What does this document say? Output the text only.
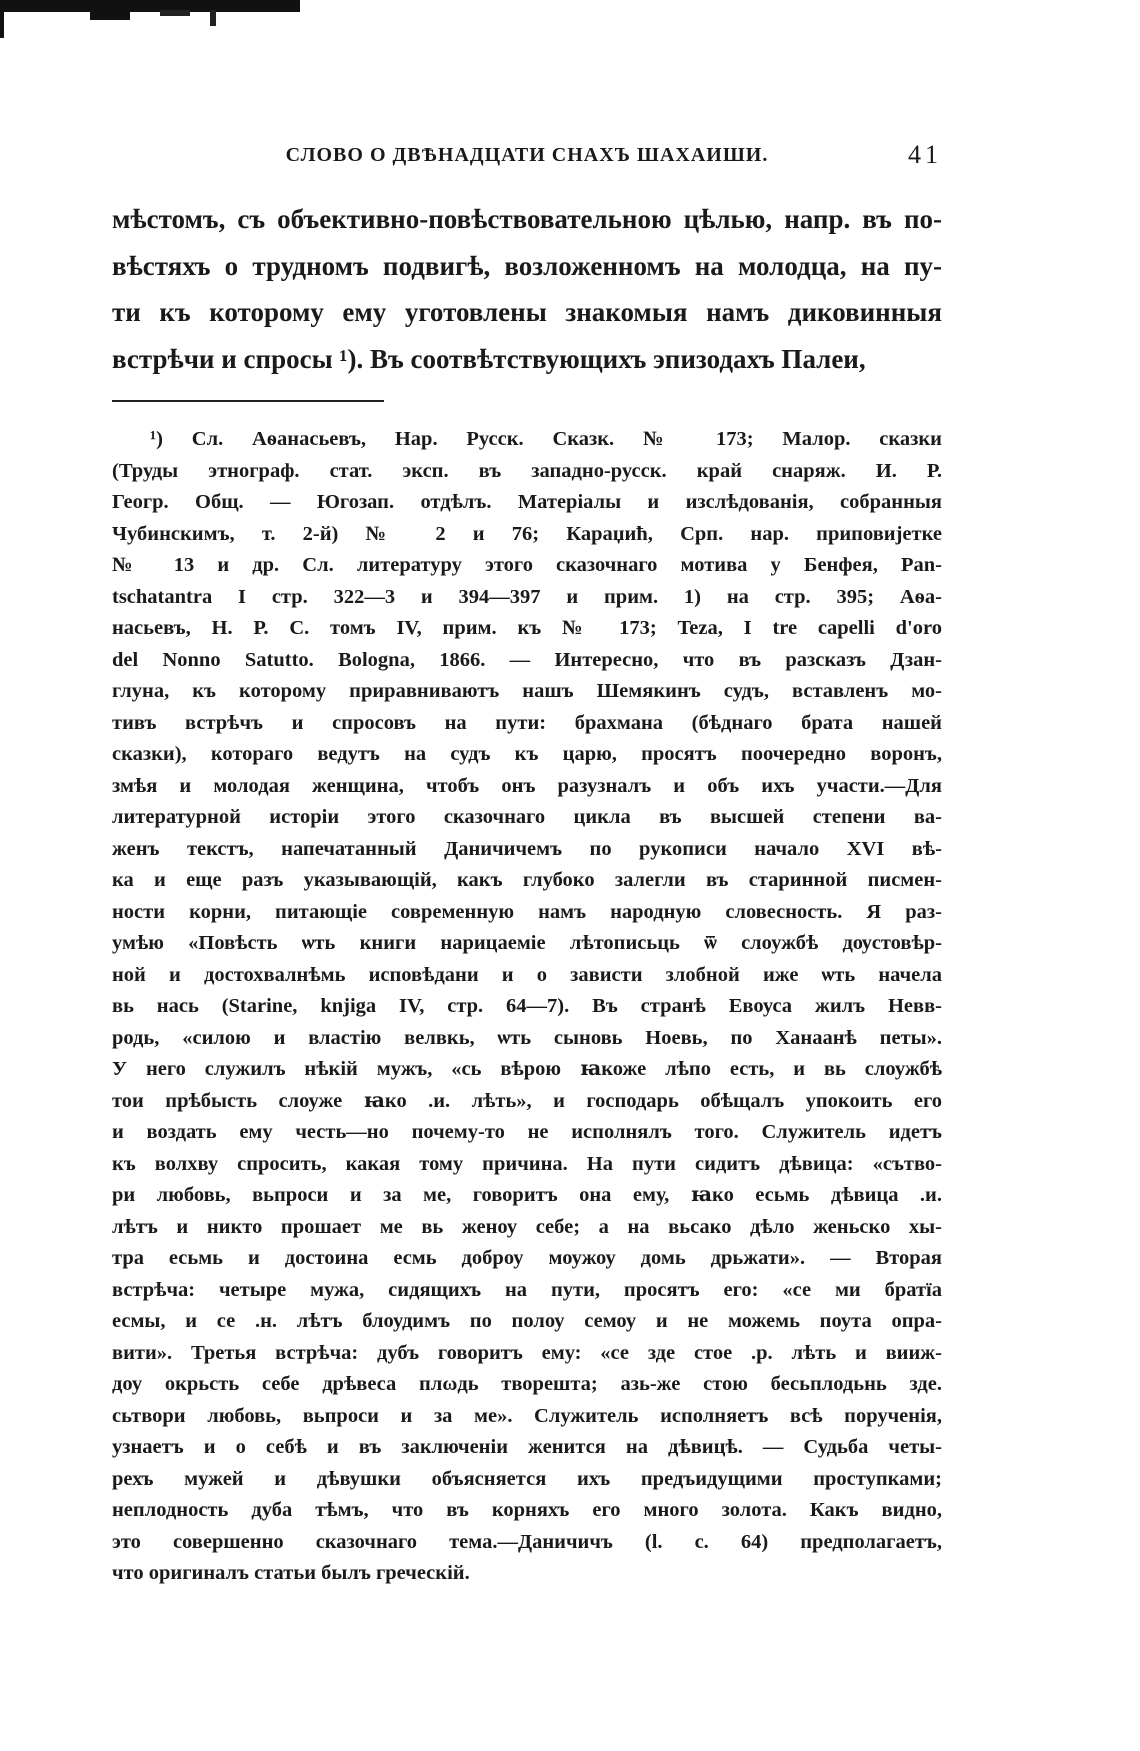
СЛОВО О ДВѢНАДЦАТИ СНАХЪ ШАХАИШИ.	41
мѣстомъ, съ объективно-повѣствовательною цѣлью, напр. въ по-
вѣстяхъ о трудномъ подвигѣ, возложенномъ на молодца, на пу-
ти къ которому ему уготовлены знакомыя намъ диковинныя
встрѣчи и спросы ¹). Въ соотвѣтствующихъ эпизодахъ Палеи,
¹) Сл. Аѳанасьевъ, Нар. Русск. Сказк. № 173; Малор. сказки
(Труды этнограф. стат. эксп. въ западно-русск. край снаряж. И. Р.
Геогр. Общ. — Югозап. отдѣлъ. Матеріалы и изслѣдованія, собранныя
Чубинскимъ, т. 2-й) № 2 и 76; Караџић, Срп. нар. приповиjетке
№ 13 и др. Сл. литературу этого сказочнаго мотива у Бенфея, Pan-
tschatantra I стр. 322—3 и 394—397 и прим. 1) на стр. 395; Аѳа-
насьевъ, Н. Р. С. томъ IV, прим. къ № 173; Teza, I tre capelli d'oro
del Nonno Satutto. Bologna, 1866. — Интересно, что въ разсказъ Дзан-
глуна, къ которому приравниваютъ нашъ Шемякинъ судъ, вставленъ мо-
тивъ встрѣчъ и спросовъ на пути: брахмана (бѣднаго брата нашей
сказки), котораго ведутъ на судъ къ царю, просятъ поочередно воронъ,
змѣя и молодая женщина, чтобъ онъ разузналъ и объ ихъ участи.—Для
литературной исторіи этого сказочнаго цикла въ высшей степени ва-
женъ текстъ, напечатанный Даничичемъ по рукописи начало XVI вѣ-
ка и еще разъ указывающій, какъ глубоко залегли въ старинной писмен-
ности корни, питающіе современную намъ народную словесность. Я раз-
умѣю «Повѣсть ѡть книги нарицаеміе лѣтописьць ѿ слоужбѣ дѹстовѣр-
ной и достохвалнѣмь исповѣдани и о зависти злобной иже ѡть начела
вь нась (Starine, knjiga IV, стр. 64—7). Въ странѣ Евоуса жилъ Невв-
родь, «силою и властію велвкь, ѡть сыновь Ноевь, по Ханаанѣ петы».
У него служилъ нѣкій мужъ, «сь вѣрою ꙗкоже лѣпо есть, и вь слоужбѣ
тои прѣбысть слоуже ꙗко .и. лѣть», и господарь обѣщалъ упокоить его
и воздать ему честь—но почему-то не исполнялъ того. Служитель идетъ
къ волхву спросить, какая тому причина. На пути сидитъ дѣвица: «сътво-
ри любовь, вьпроси и за ме, говоритъ она ему, ꙗко есьмь дѣвица .и.
лѣтъ и никто прошает ме вь женоу себе; а на вьсако дѣло женьско хы-
тра есьмь и достоина есмь доброу моужоу домь дрьжати». — Вторая
встрѣча: четыре мужа, сидящихъ на пути, просятъ его: «се ми братїа
есмы, и се .н. лѣтъ блоудимъ по полоу семоу и не можемь поута опра-
вити». Третья встрѣча: дубъ говоритъ ему: «се зде стое .р. лѣть и вииж-
доу окрьсть себе дрѣвеса плωдь творешта; азь-же стою бесьплодьнь зде.
сьтвори любовь, вьпроси и за ме». Служитель исполняетъ всѣ порученія,
узнаетъ и о себѣ и въ заключеніи женится на дѣвицѣ. — Судьба четы-
рехъ мужей и дѣвушки объясняется ихъ предъидущими проступками;
неплодность дуба тѣмъ, что въ корняхъ его много золота. Какъ видно,
это совершенно сказочнаго тема.—Даничичъ (l. c. 64) предполагаетъ,
что оригиналъ статьи былъ греческій.
